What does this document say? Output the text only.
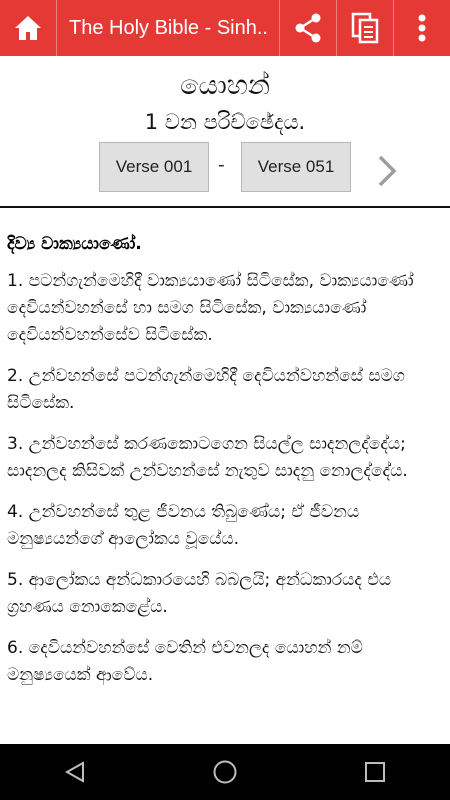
The Holy Bible - Sinh..
යොහන්
1 වන පරිච්ඡේදය.
Verse 001	-	Verse 051
දිව්‍ය වාක්‍යයාණෝ.
1. පටන්ගැන්මෙහිදී වාක්‍යයාණෝ සිටිසේක, වාක්‍යයාණෝ දෙවියන්වහන්සේ හා සමග සිටිසේක, වාක්‍යයාණෝ දෙවියන්වහන්සේව සිටිසේක.
2. උන්වහන්සේ පටන්ගැන්මෙහිදී දෙවියන්වහන්සේ සමග සිටිසේක.
3. උන්වහන්සේ කරණකොටගෙන සියල්ල සාදනලද්දේය; සාදනලද කිසිවක් උන්වහන්සේ නැතුව සාදනු නොලද්දේය.
4. උන්වහන්සේ තුළ ජීවනය තිබුණේය; ඒ ජීවනය මනුෂ්‍යයන්ගේ ආලෝකය වූයේය.
5. ආලෝකය අන්ධකාරයෙහි බබලයි; අන්ධකාරයද එය ග්‍රහණය නොකෙළේය.
6. දෙවියන්වහන්සේ වෙතින් එවනලද යොහන් නම් මනුෂ්‍යයෙක් ආවේය.
